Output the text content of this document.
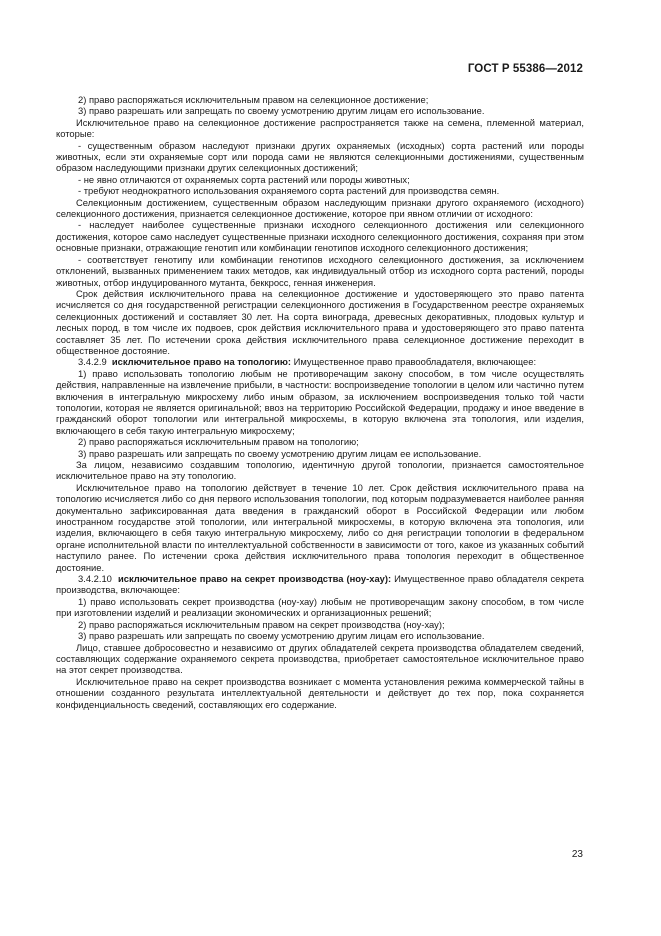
ГОСТ Р 55386—2012

2) право распоряжаться исключительным правом на селекционное достижение;

3) право разрешать или запрещать по своему усмотрению другим лицам его использование.

Исключительное право на селекционное достижение распространяется также на семена, племенной материал, которые:

- существенным образом наследуют признаки других охраняемых (исходных) сорта растений или породы животных, если эти охраняемые сорт или порода сами не являются селекционными достижениями, существенным образом наследующими признаки других селекционных достижений;

- не явно отличаются от охраняемых сорта растений или породы животных;

- требуют неоднократного использования охраняемого сорта растений для производства семян.

Селекционным достижением, существенным образом наследующим признаки другого охраняемого (исходного) селекционного достижения, признается селекционное достижение, которое при явном отличии от исходного:

- наследует наиболее существенные признаки исходного селекционного достижения или селекционного достижения, которое само наследует существенные признаки исходного селекционного достижения, сохраняя при этом основные признаки, отражающие генотип или комбинации генотипов исходного селекционного достижения;

- соответствует генотипу или комбинации генотипов исходного селекционного достижения, за исключением отклонений, вызванных применением таких методов, как индивидуальный отбор из исходного сорта растений, породы животных, отбор индуцированного мутанта, беккросс, генная инженерия.

Срок действия исключительного права на селекционное достижение и удостоверяющего это право патента исчисляется со дня государственной регистрации селекционного достижения в Государственном реестре охраняемых селекционных достижений и составляет 30 лет. На сорта винограда, древесных декоративных, плодовых культур и лесных пород, в том числе их подвоев, срок действия исключительного права и удостоверяющего это право патента составляет 35 лет. По истечении срока действия исключительного права селекционное достижение переходит в общественное достояние.

3.4.2.9 исключительное право на топологию: Имущественное право правообладателя, включающее:

1) право использовать топологию любым не противоречащим закону способом, в том числе осуществлять действия, направленные на извлечение прибыли, в частности: воспроизведение топологии в целом или частично путем включения в интегральную микросхему либо иным образом, за исключением воспроизведения только той части топологии, которая не является оригинальной; ввоз на территорию Российской Федерации, продажу и иное введение в гражданский оборот топологии или интегральной микросхемы, в которую включена эта топология, или изделия, включающего в себя такую интегральную микросхему;

2) право распоряжаться исключительным правом на топологию;

3) право разрешать или запрещать по своему усмотрению другим лицам ее использование.

За лицом, независимо создавшим топологию, идентичную другой топологии, признается самостоятельное исключительное право на эту топологию.

Исключительное право на топологию действует в течение 10 лет. Срок действия исключительного права на топологию исчисляется либо со дня первого использования топологии, под которым подразумевается наиболее ранняя документально зафиксированная дата введения в гражданский оборот в Российской Федерации или любом иностранном государстве этой топологии, или интегральной микросхемы, в которую включена эта топология, или изделия, включающего в себя такую интегральную микросхему, либо со дня регистрации топологии в федеральном органе исполнительной власти по интеллектуальной собственности в зависимости от того, какое из указанных событий наступило ранее. По истечении срока действия исключительного права топология переходит в общественное достояние.

3.4.2.10 исключительное право на секрет производства (ноу-хау): Имущественное право обладателя секрета производства, включающее:

1) право использовать секрет производства (ноу-хау) любым не противоречащим закону способом, в том числе при изготовлении изделий и реализации экономических и организационных решений;

2) право распоряжаться исключительным правом на секрет производства (ноу-хау);

3) право разрешать или запрещать по своему усмотрению другим лицам его использование.

Лицо, ставшее добросовестно и независимо от других обладателей секрета производства обладателем сведений, составляющих содержание охраняемого секрета производства, приобретает самостоятельное исключительное право на этот секрет производства.

Исключительное право на секрет производства возникает с момента установления режима коммерческой тайны в отношении созданного результата интеллектуальной деятельности и действует до тех пор, пока сохраняется конфиденциальность сведений, составляющих его содержание.

23
